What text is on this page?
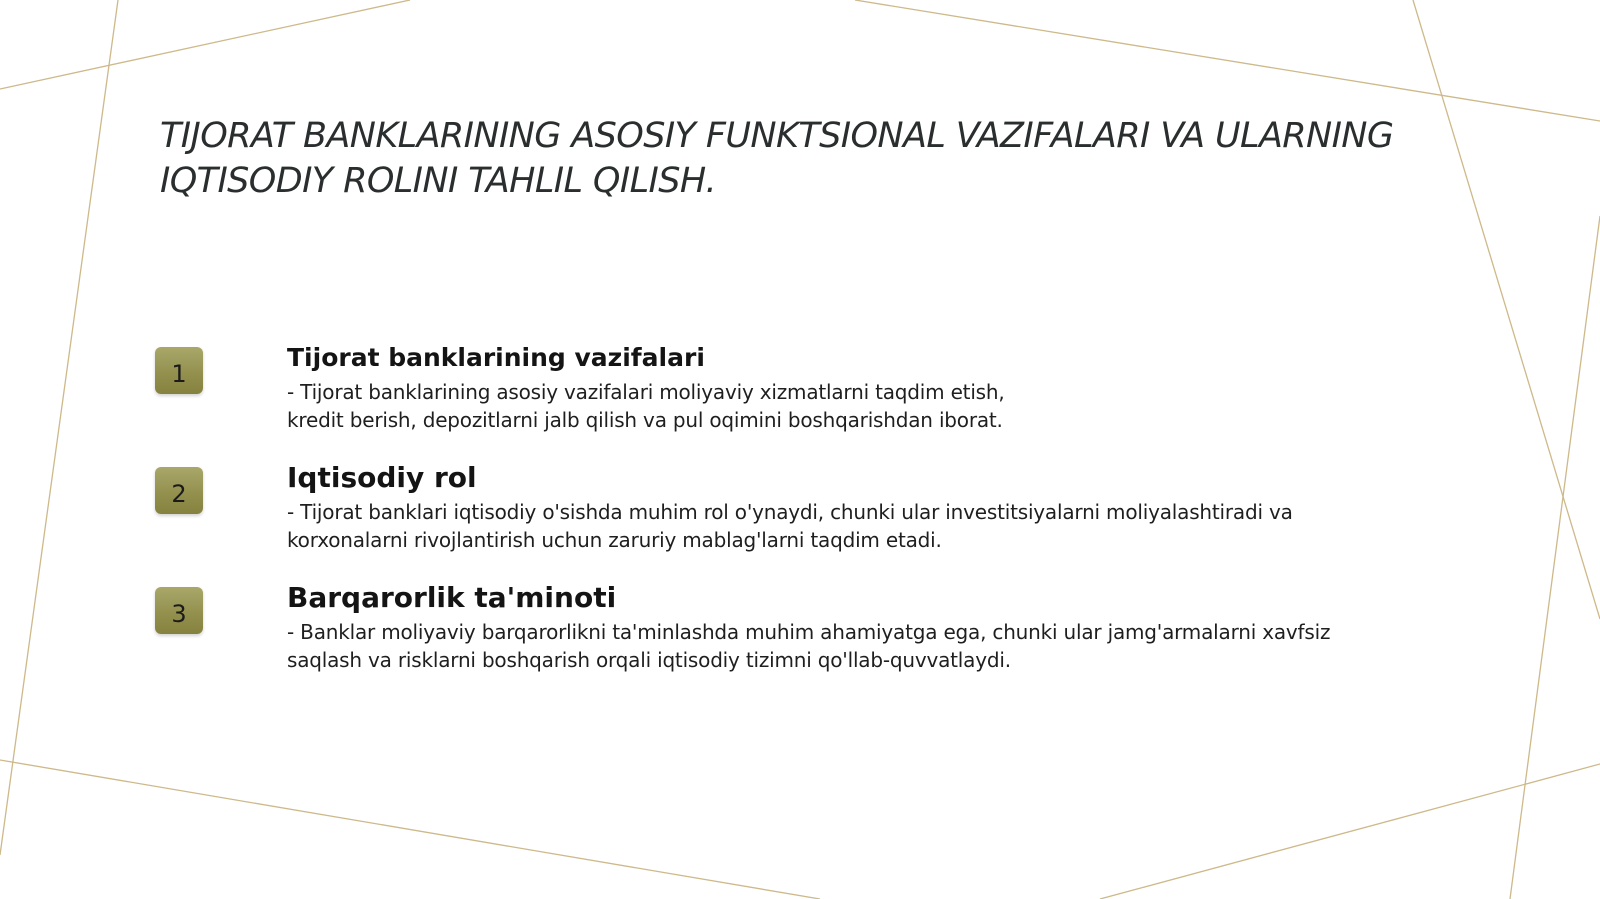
TIJORAT BANKLARINING ASOSIY FUNKTSIONAL VAZIFALARI VA ULARNING IQTISODIY ROLINI TAHLIL QILISH.
1
Tijorat banklarining vazifalari

- Tijorat banklarining asosiy vazifalari moliyaviy xizmatlarni taqdim etish,
kredit berish, depozitlarni jalb qilish va pul oqimini boshqarishdan iborat.

2	Iqtisodiy rol

- Tijorat banklari iqtisodiy o'sishda muhim rol o'ynaydi, chunki ular investitsiyalarni moliyalashtiradi va
korxonalarni rivojlantirish uchun zaruriy mablag'larni taqdim etadi.

3	Barqarorlik ta'minoti

- Banklar moliyaviy barqarorlikni ta'minlashda muhim ahamiyatga ega, chunki ular jamg'armalarni xavfsiz
saqlash va risklarni boshqarish orqali iqtisodiy tizimni qo'llab-quvvatlaydi.
